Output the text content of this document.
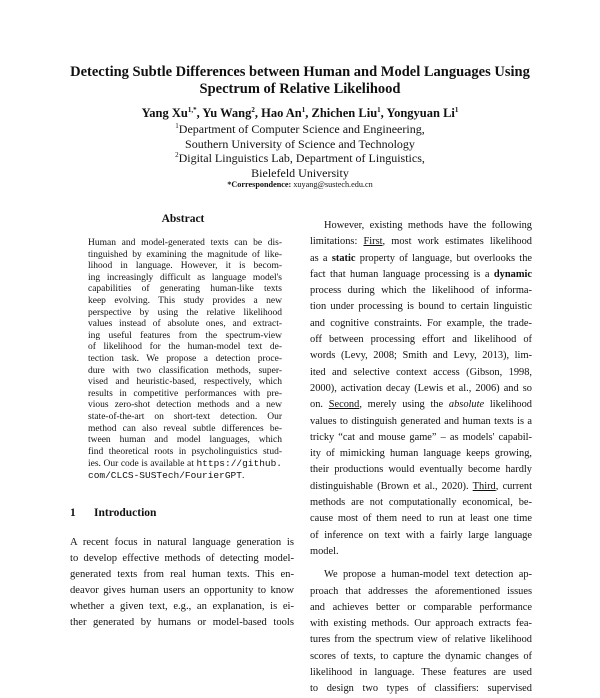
Detecting Subtle Differences between Human and Model Languages Using
Spectrum of Relative Likelihood
Yang $Xu^{1,*}$, Yu Wang$^2$, Hao An$^1$, Zhichen Liu$^1$, Yongyuan Li$^1$
$^1$Department of Computer Science and Engineering,
Southern University of Science and Technology
$^2$Digital Linguistics Lab, Department of Linguistics,
Bielefeld University
*Correspondence: xuyang@sustech.edu.cn
Abstract
Human and model-generated texts can be dis-
tinguished by examining the magnitude of like-
lihood in language. However, it is becom-
ing increasingly difficult as language model's
capabilities of generating human-like texts
keep evolving. This study provides a new
perspective by using the relative likelihood
values instead of absolute ones, and extract-
ing useful features from the spectrum-view
of likelihood for the human-model text de-
tection task. We propose a detection proce-
dure with two classification methods, super-
vised and heuristic-based, respectively, which
results in competitive performances with pre-
vious zero-shot detection methods and a new
state-of-the-art on short-text detection. Our
method can also reveal subtle differences be-
tween human and model languages, which
find theoretical roots in psycholinguistics stud-
ies. Our code is available at https://github.
com/CLCS-SUSTech/FourierGPT.
1 Introduction
A recent focus in natural language generation is
to develop effective methods of detecting model-
generated texts from real human texts. This en-
deavor gives human users an opportunity to know
whether a given text, e.g., an explanation, is ei-
ther generated by humans or model-based tools
However, existing methods have the following
limitations: First, most work estimates likelihood
as a static property of language, but overlooks the
fact that human language processing is a dynamic
process during which the likelihood of informa-
tion under processing is bound to certain linguistic
and cognitive constraints. For example, the trade-
off between processing effort and likelihood of
words (Levy, 2008; Smith and Levy, 2013), lim-
ited and selective context access (Gibson, 1998,
2000), activation decay (Lewis et al., 2006) and so
on. Second, merely using the absolute likelihood
values to distinguish generated and human texts is a
tricky “cat and mouse game” – as models' capabil-
ity of mimicking human language keeps growing,
their productions would eventually become hardly
distinguishable (Brown et al., 2020). Third, current
methods are not computationally economical, be-
cause most of them need to run at least one time
of inference on text with a fairly large language
model.
We propose a human-model text detection ap-
proach that addresses the aforementioned issues
and achieves better or comparable performance
with existing methods. Our approach extracts fea-
tures from the spectrum view of relative likelihood
scores of texts, to capture the dynamic changes of
likelihood in language. These features are used
to design two types of classifiers: supervised
